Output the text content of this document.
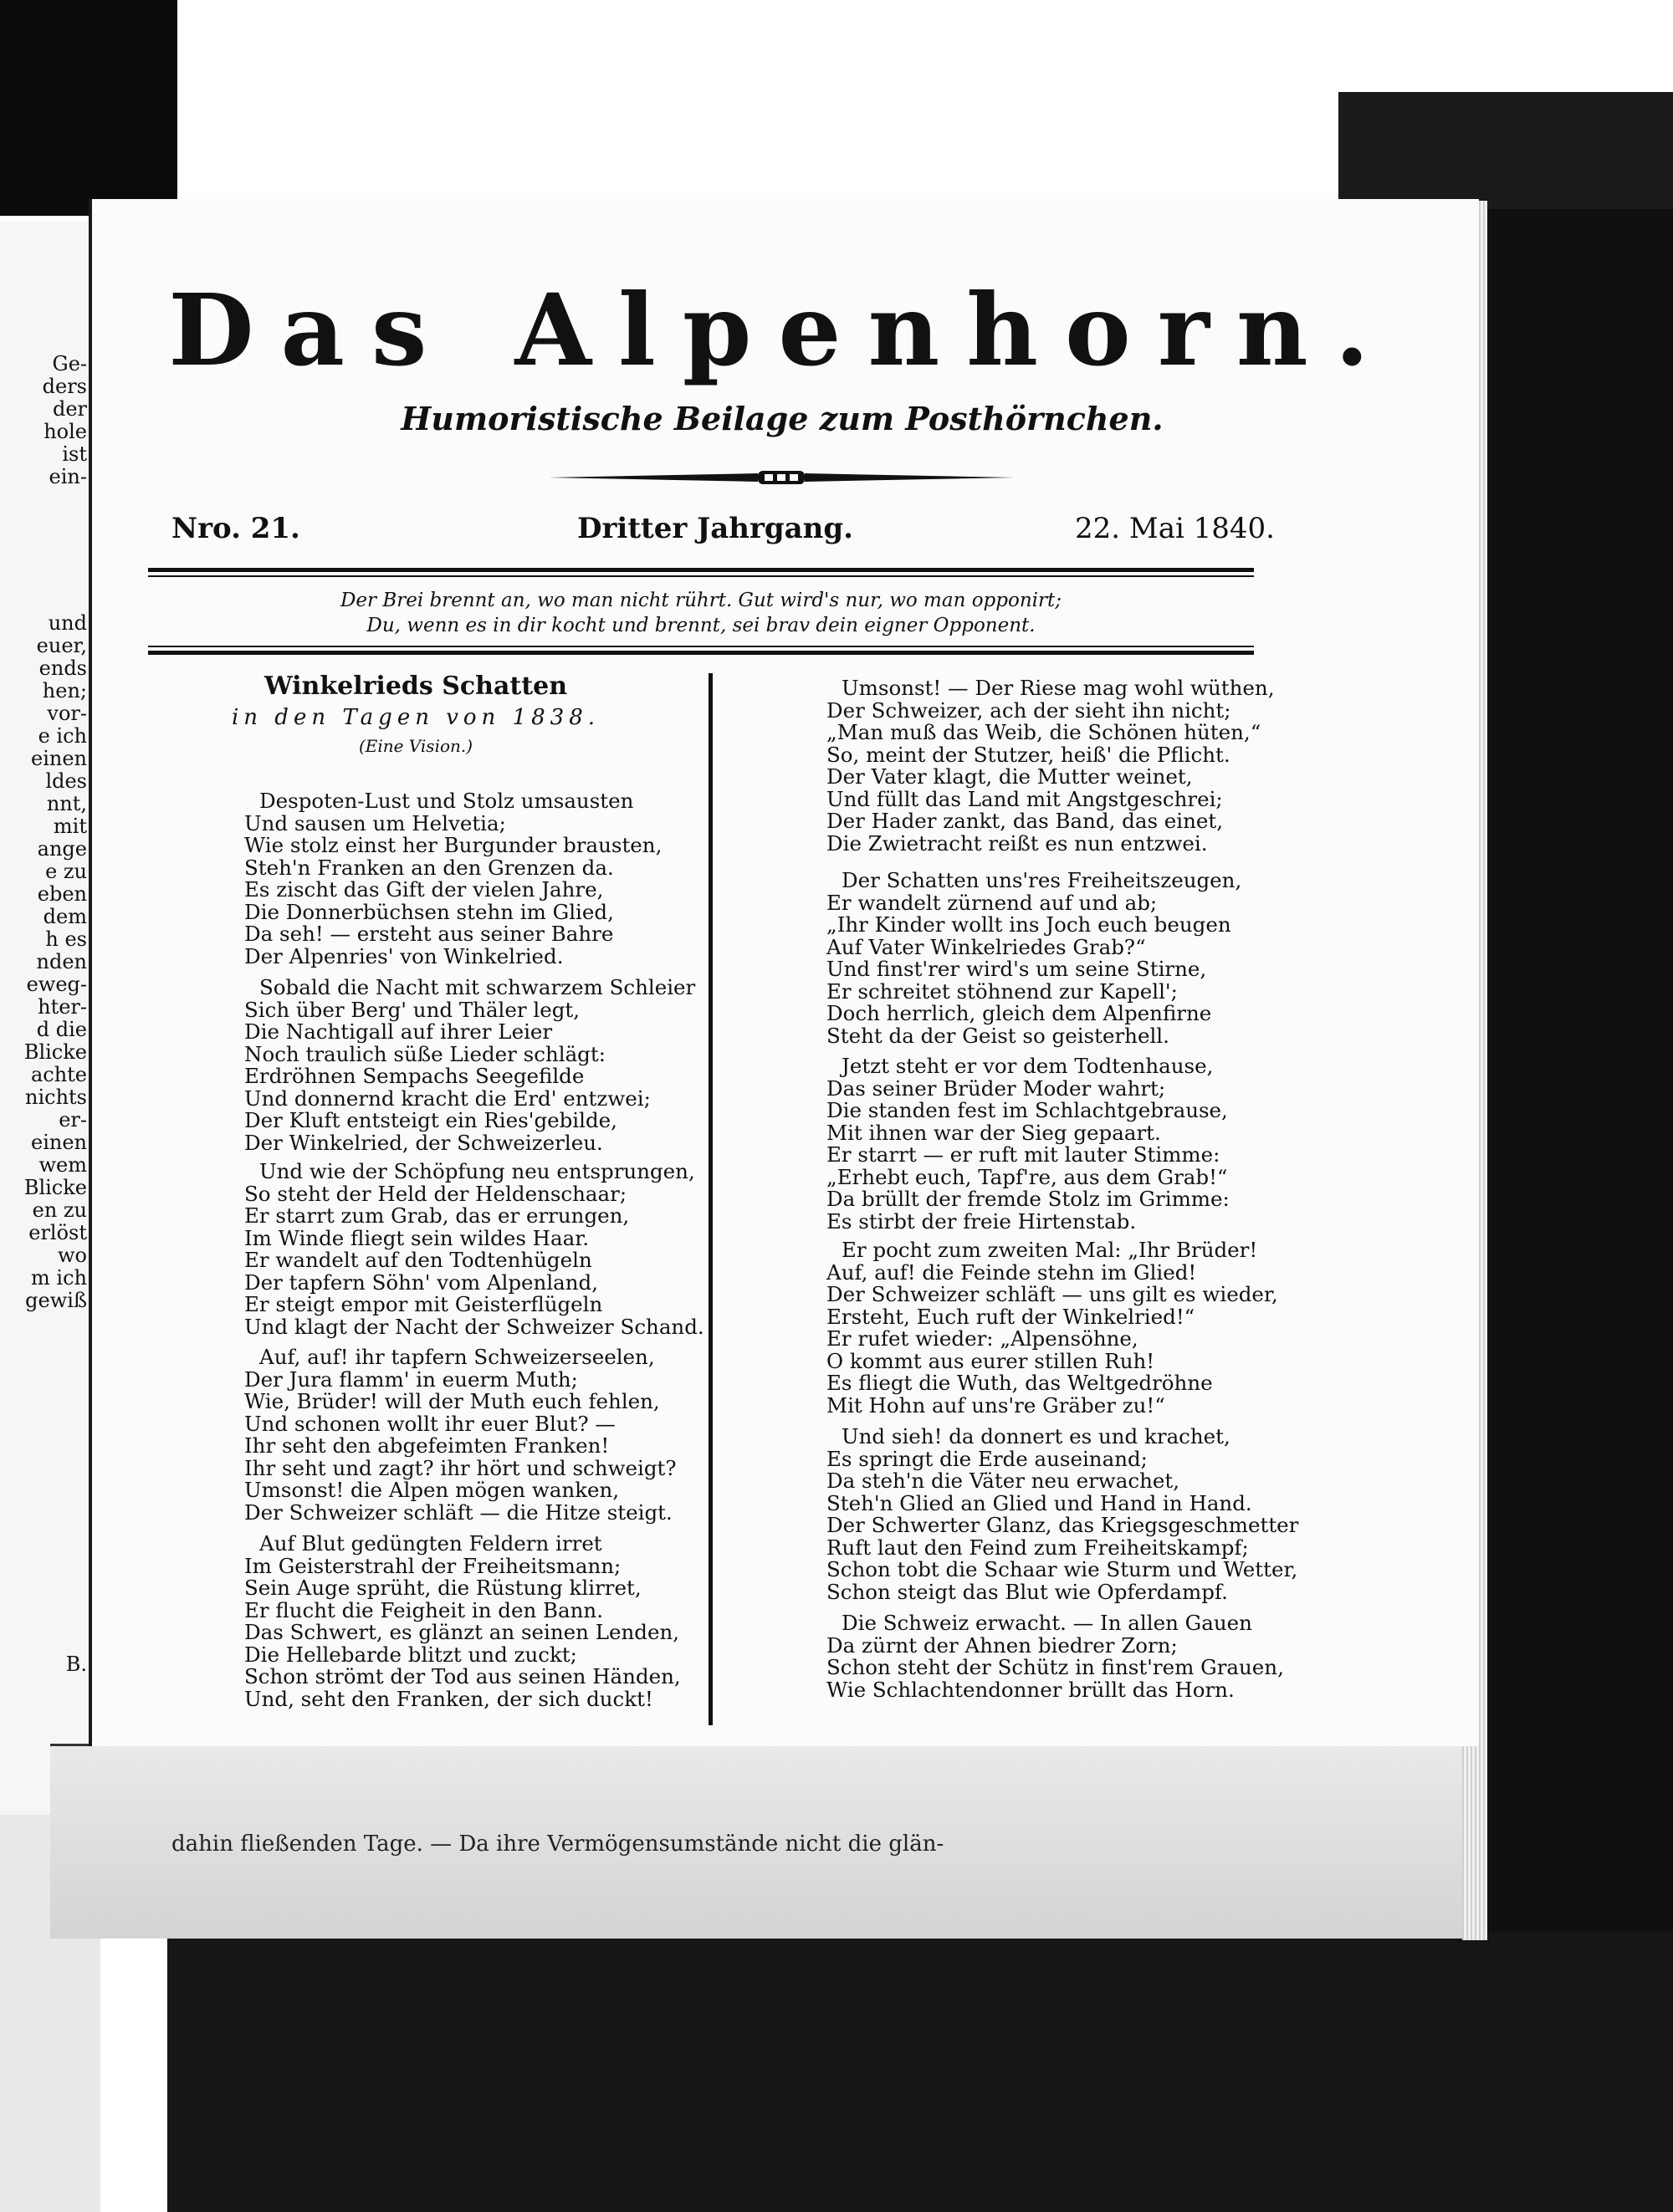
Ge-
ders
der
hole
ist
ein-
und
euer,
ends
hen;
vor-
e ich
einen
ldes
nnt,
mit
ange
e zu
eben
dem
h es
nden
eweg-
hter-
d die
Blicke
achte
nichts
er-
einen
wem
Blicke
en zu
erlöst
wo
m ich
gewiß
B.
dahin fließenden Tage. — Da ihre Vermögensumstände nicht die glän-
Das Alpenhorn.
Humoristische Beilage zum Posthörnchen.
Nro. 21.	Dritter Jahrgang.	22. Mai 1840.
Der Brei brennt an, wo man nicht rührt. Gut wird's nur, wo man opponirt;
Du, wenn es in dir kocht und brennt, sei brav dein eigner Opponent.
Winkelrieds Schatten
in den Tagen von 1838.
(Eine Vision.)
Despoten-Lust und Stolz umsausten
Und sausen um Helvetia;
Wie stolz einst her Burgunder brausten,
Steh'n Franken an den Grenzen da.
Es zischt das Gift der vielen Jahre,
Die Donnerbüchsen stehn im Glied,
Da seh! — ersteht aus seiner Bahre
Der Alpenries' von Winkelried.
Sobald die Nacht mit schwarzem Schleier
Sich über Berg' und Thäler legt,
Die Nachtigall auf ihrer Leier
Noch traulich süße Lieder schlägt:
Erdröhnen Sempachs Seegefilde
Und donnernd kracht die Erd' entzwei;
Der Kluft entsteigt ein Ries'gebilde,
Der Winkelried, der Schweizerleu.
Und wie der Schöpfung neu entsprungen,
So steht der Held der Heldenschaar;
Er starrt zum Grab, das er errungen,
Im Winde fliegt sein wildes Haar.
Er wandelt auf den Todtenhügeln
Der tapfern Söhn' vom Alpenland,
Er steigt empor mit Geisterflügeln
Und klagt der Nacht der Schweizer Schand.
Auf, auf! ihr tapfern Schweizerseelen,
Der Jura flamm' in euerm Muth;
Wie, Brüder! will der Muth euch fehlen,
Und schonen wollt ihr euer Blut? —
Ihr seht den abgefeimten Franken!
Ihr seht und zagt? ihr hört und schweigt?
Umsonst! die Alpen mögen wanken,
Der Schweizer schläft — die Hitze steigt.
Auf Blut gedüngten Feldern irret
Im Geisterstrahl der Freiheitsmann;
Sein Auge sprüht, die Rüstung klirret,
Er flucht die Feigheit in den Bann.
Das Schwert, es glänzt an seinen Lenden,
Die Hellebarde blitzt und zuckt;
Schon strömt der Tod aus seinen Händen,
Und, seht den Franken, der sich duckt!
Umsonst! — Der Riese mag wohl wüthen,
Der Schweizer, ach der sieht ihn nicht;
„Man muß das Weib, die Schönen hüten,“
So, meint der Stutzer, heiß' die Pflicht.
Der Vater klagt, die Mutter weinet,
Und füllt das Land mit Angstgeschrei;
Der Hader zankt, das Band, das einet,
Die Zwietracht reißt es nun entzwei.
Der Schatten uns'res Freiheitszeugen,
Er wandelt zürnend auf und ab;
„Ihr Kinder wollt ins Joch euch beugen
Auf Vater Winkelriedes Grab?“
Und finst'rer wird's um seine Stirne,
Er schreitet stöhnend zur Kapell';
Doch herrlich, gleich dem Alpenfirne
Steht da der Geist so geisterhell.
Jetzt steht er vor dem Todtenhause,
Das seiner Brüder Moder wahrt;
Die standen fest im Schlachtgebrause,
Mit ihnen war der Sieg gepaart.
Er starrt — er ruft mit lauter Stimme:
„Erhebt euch, Tapf're, aus dem Grab!“
Da brüllt der fremde Stolz im Grimme:
Es stirbt der freie Hirtenstab.
Er pocht zum zweiten Mal: „Ihr Brüder!
Auf, auf! die Feinde stehn im Glied!
Der Schweizer schläft — uns gilt es wieder,
Ersteht, Euch ruft der Winkelried!“
Er rufet wieder: „Alpensöhne,
O kommt aus eurer stillen Ruh!
Es fliegt die Wuth, das Weltgedröhne
Mit Hohn auf uns're Gräber zu!“
Und sieh! da donnert es und krachet,
Es springt die Erde auseinand;
Da steh'n die Väter neu erwachet,
Steh'n Glied an Glied und Hand in Hand.
Der Schwerter Glanz, das Kriegsgeschmetter
Ruft laut den Feind zum Freiheitskampf;
Schon tobt die Schaar wie Sturm und Wetter,
Schon steigt das Blut wie Opferdampf.
Die Schweiz erwacht. — In allen Gauen
Da zürnt der Ahnen biedrer Zorn;
Schon steht der Schütz in finst'rem Grauen,
Wie Schlachtendonner brüllt das Horn.
